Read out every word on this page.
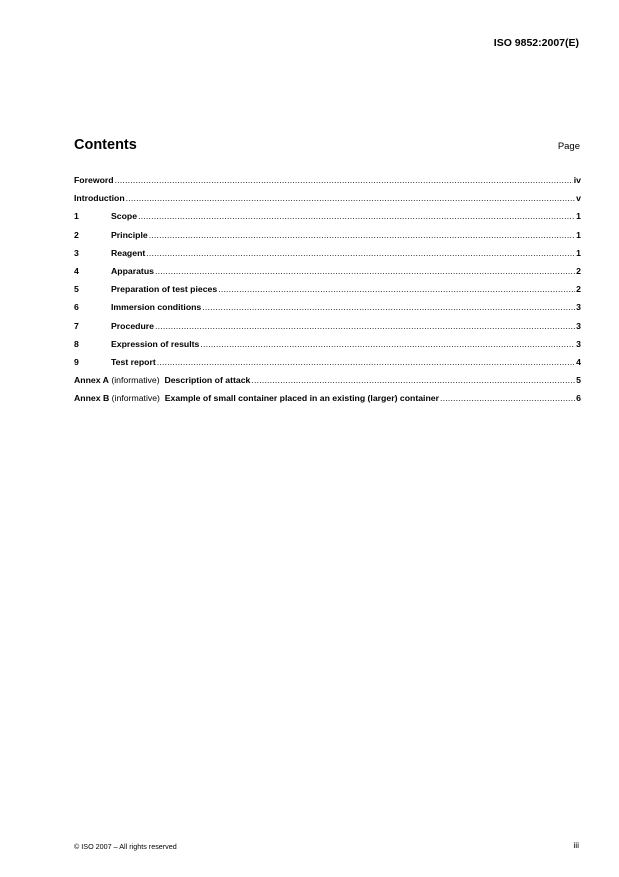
ISO 9852:2007(E)
Contents	Page
Foreword .....	iv
Introduction .....	v
1	Scope .....	1
2	Principle .....	1
3	Reagent .....	1
4	Apparatus .....	2
5	Preparation of test pieces .....	2
6	Immersion conditions .....	3
7	Procedure .....	3
8	Expression of results .....	3
9	Test report .....	4
Annex A (informative)  Description of attack .....	5
Annex B (informative)  Example of small container placed in an existing (larger) container .....	6
© ISO 2007 – All rights reserved	iii
